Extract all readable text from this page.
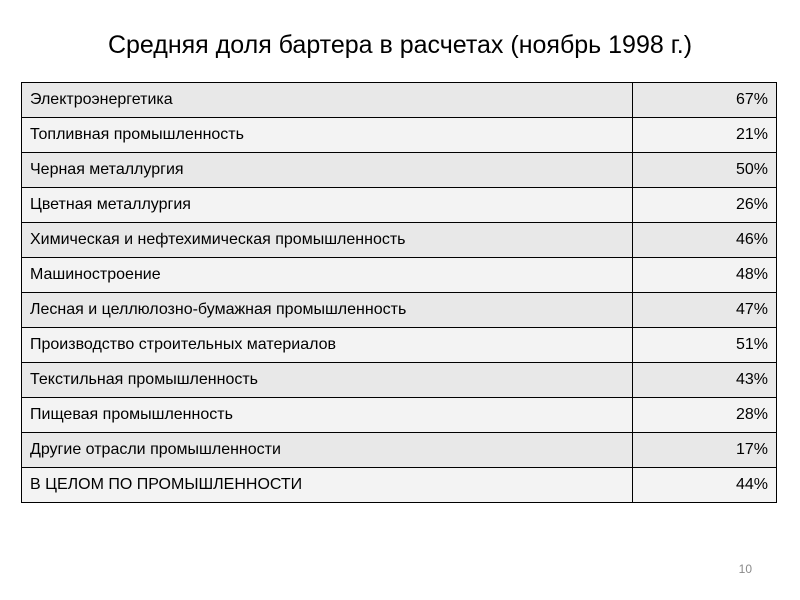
Средняя доля бартера в расчетах (ноябрь 1998 г.)
Электроэнергетика	67%
Топливная промышленность	21%
Черная металлургия	50%
Цветная металлургия	26%
Химическая и нефтехимическая промышленность	46%
Машиностроение	48%
Лесная и целлюлозно-бумажная промышленность	47%
Производство строительных материалов	51%
Текстильная промышленность	43%
Пищевая промышленность	28%
Другие отрасли промышленности	17%
В ЦЕЛОМ ПО ПРОМЫШЛЕННОСТИ	44%
10
